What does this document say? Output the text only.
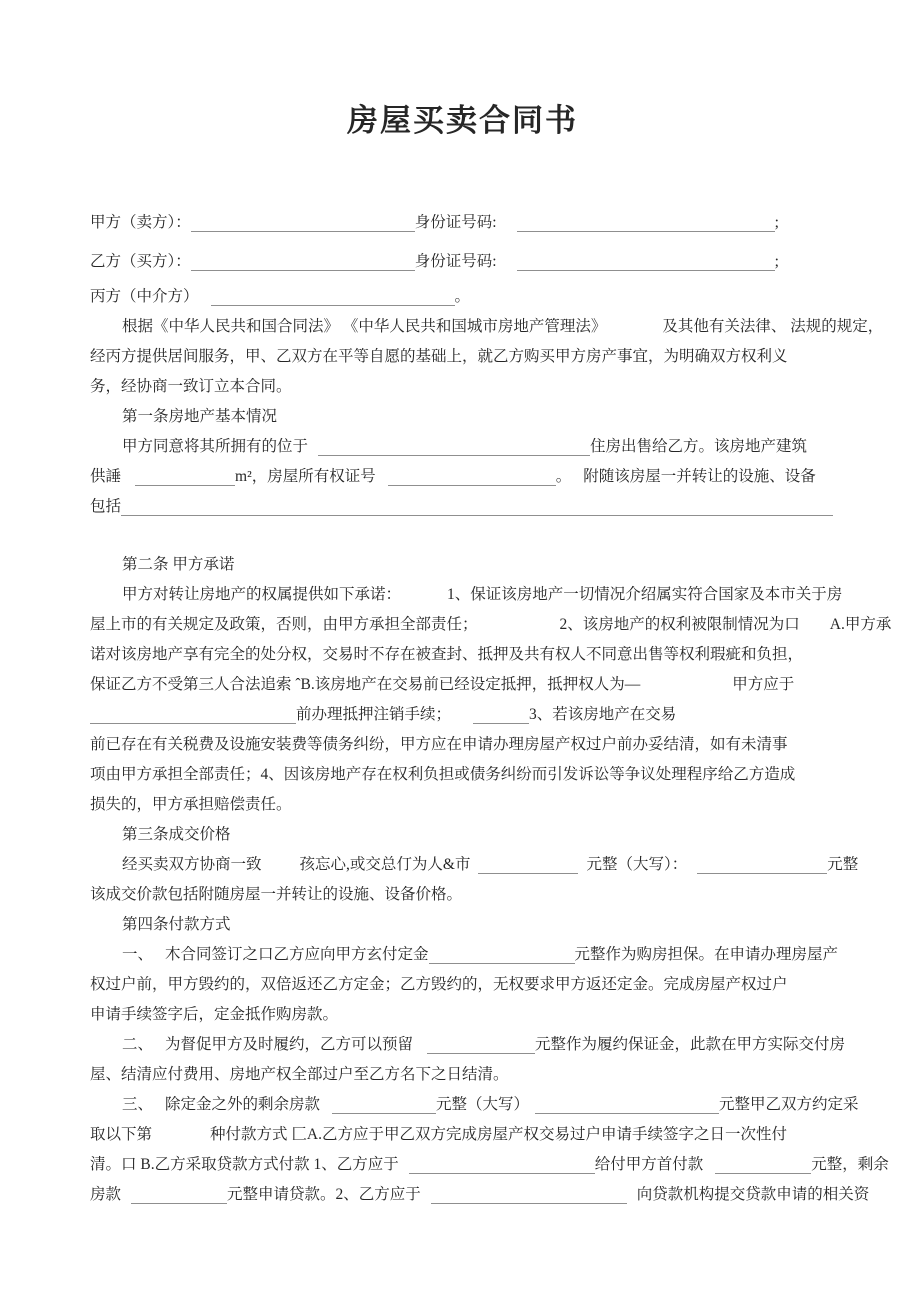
房屋买卖合同书
甲方（卖方）：	身份证号码:	;
乙方（买方）：	身份证号码:	;
丙方（中介方）	。
根据《中华人民共和国合同法》 《中华人民共和国城市房地产管理法》	及其他有关法律、 法规的规定，
经丙方提供居间服务，甲、乙双方在平等自愿的基础上，就乙方购买甲方房产事宜，为明确双方权利义
务，经协商一致订立本合同。
第一条房地产基本情况
甲方同意将其所拥有的位于	住房出售给乙方。该房地产建筑
供諈	m²，房屋所有权证号	。 附随该房屋一并转让的设施、设备
包括
第二条 甲方承诺
甲方对转让房地产的权属提供如下承诺：	1、保证该房地产一切情况介绍属实符合国家及本市关于房
屋上市的有关规定及政策，否则，由甲方承担全部责任；	2、该房地产的权利被限制情况为口 A.甲方承
诺对该房地产享有完全的处分权，交易时不存在被查封、抵押及共有权人不同意出售等权利瑕疵和负担，
保证乙方不受第三人合法追索 ˆB.该房地产在交易前已经设定抵押，抵押权人为—	甲方应于
前办理抵押注销手续；	3、若该房地产在交易
前已存在有关税费及设施安装费等债务纠纷，甲方应在申请办理房屋产权过户前办妥结清，如有未清事
项由甲方承担全部责任；4、因该房地产存在权利负担或债务纠纷而引发诉讼等争议处理程序给乙方造成
损失的，甲方承担赔偿责任。
第三条成交价格
经买卖双方协商一致 孩忘心,或交总仃为人&市	元整（大写）：	元整
该成交价款包括附随房屋一并转让的设施、设备价格。
第四条付款方式
一、 木合同签订之口乙方应向甲方玄付定金	元整作为购房担保。在申请办理房屋产
权过户前，甲方毁约的，双倍返还乙方定金；乙方毁约的，无权要求甲方返还定金。完成房屋产权过户
申请手续签字后，定金抵作购房款。
二、 为督促甲方及时履约，乙方可以预留	元整作为履约保证金，此款在甲方实际交付房
屋、结清应付费用、房地产权全部过户至乙方名下之日结清。
三、 除定金之外的剩余房款	元整（大写）	元整甲乙双方约定采
取以下第	种付款方式 匚A.乙方应于甲乙双方完成房屋产权交易过户申请手续签字之日一次性付
清。口 B.乙方采取贷款方式付款 1、乙方应于	给付甲方首付款	元整，剩余
房款	元整申请贷款。2、乙方应于	向贷款机构提交贷款申请的相关资
